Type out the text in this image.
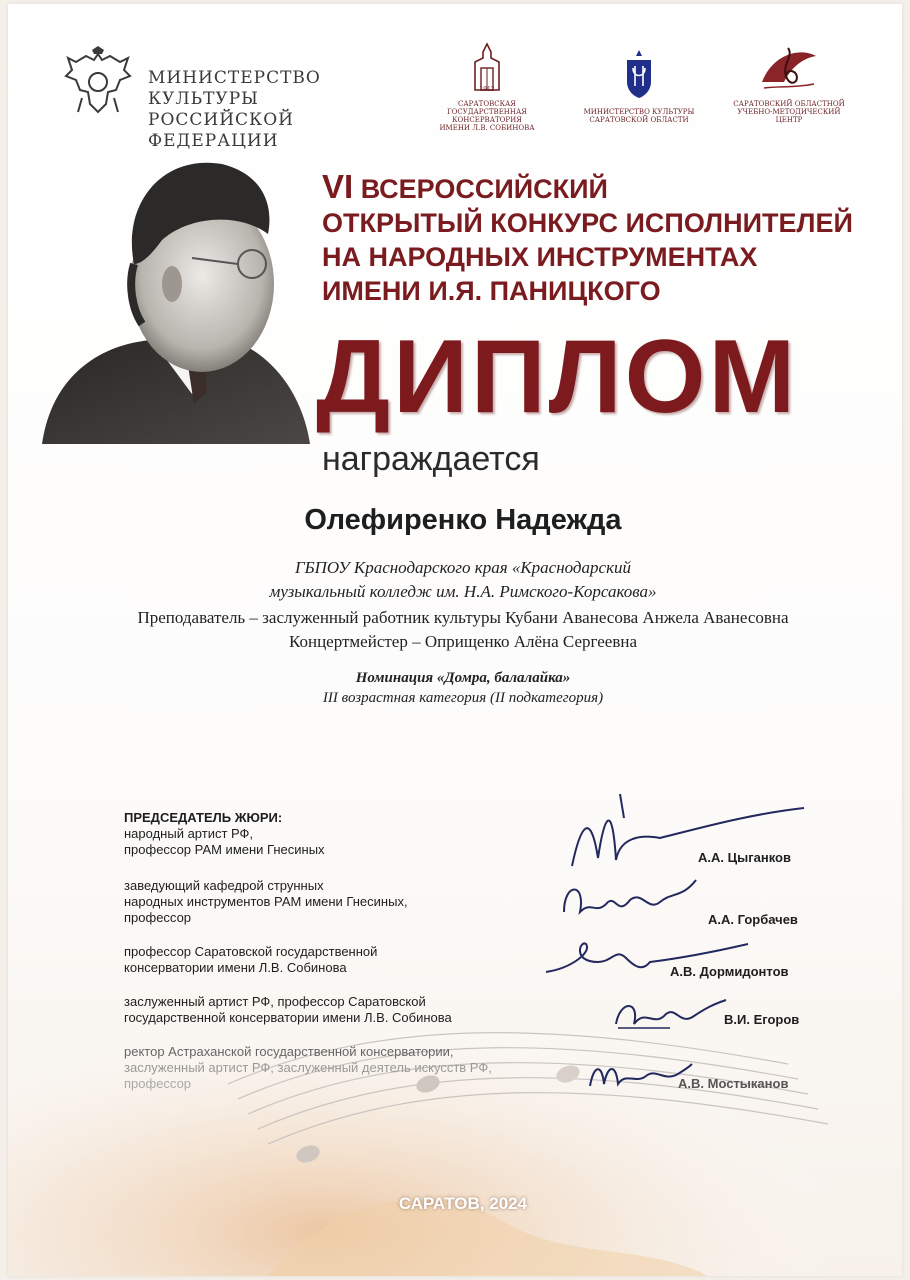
МИНИСТЕРСТВО КУЛЬТУРЫ
РОССИЙСКОЙ ФЕДЕРАЦИИ
1912
САРАТОВСКАЯ
ГОСУДАРСТВЕННАЯ
КОНСЕРВАТОРИЯ
ИМЕНИ Л.В. СОБИНОВА
МИНИСТЕРСТВО КУЛЬТУРЫ
САРАТОВСКОЙ ОБЛАСТИ
САРАТОВСКИЙ ОБЛАСТНОЙ
УЧЕБНО-МЕТОДИЧЕСКИЙ
ЦЕНТР
VI ВСЕРОССИЙСКИЙ
ОТКРЫТЫЙ КОНКУРС ИСПОЛНИТЕЛЕЙ
НА НАРОДНЫХ ИНСТРУМЕНТАХ
ИМЕНИ И.Я. ПАНИЦКОГО
ДИПЛОМ
награждается
Олефиренко Надежда
ГБПОУ Краснодарского края «Краснодарский
музыкальный колледж им. Н.А. Римского-Корсакова»
Преподаватель – заслуженный работник культуры Кубани Аванесова Анжела Аванесовна
Концертмейстер – Оприщенко Алёна Сергеевна
Номинация «Домра, балалайка»
III возрастная категория (II подкатегория)
ПРЕДСЕДАТЕЛЬ ЖЮРИ:
народный артист РФ,
профессор РАМ имени Гнесиных
заведующий кафедрой струнных
народных инструментов РАМ имени Гнесиных,
профессор
профессор Саратовской государственной
консерватории имени Л.В. Собинова
заслуженный артист РФ, профессор Саратовской
государственной консерватории имени Л.В. Собинова
ректор Астраханской государственной консерватории,
заслуженный артист РФ, заслуженный деятель искусств РФ,
профессор
А.А. Цыганков
А.А. Горбачев
А.В. Дормидонтов
В.И. Егоров
А.В. Мостыканов
САРАТОВ, 2024
